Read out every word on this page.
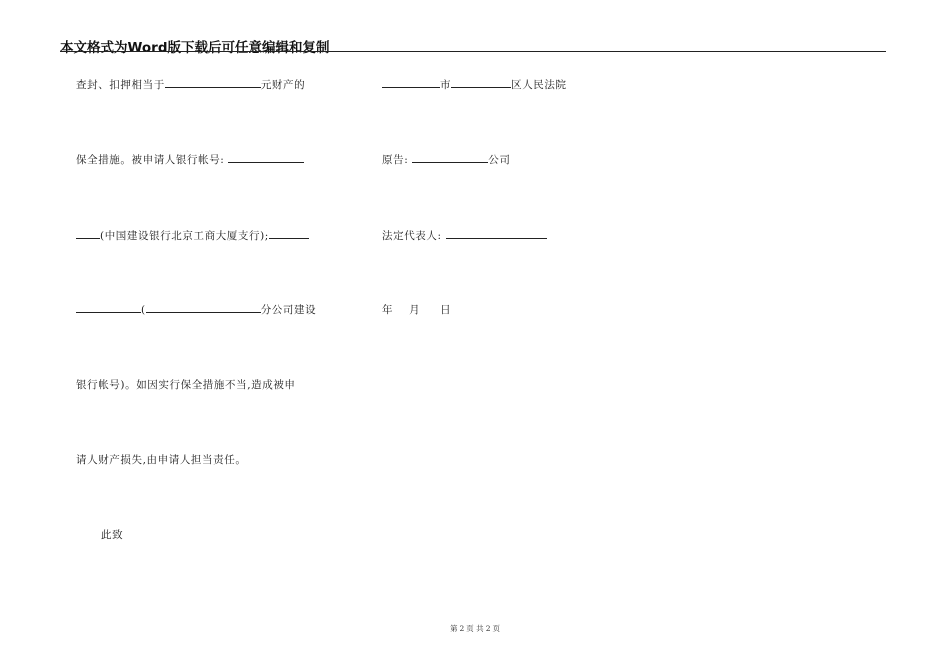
本文格式为Word版下载后可任意编辑和复制
查封、扣押相当于	元财产的
保全措施。被申请人银行帐号:
(中国建设银行北京工商大厦支行);
(	分公司建设
银行帐号)。如因实行保全措施不当,造成被申
请人财产损失,由申请人担当责任。
此致
市	区人民法院
原告:	公司
法定代表人:
年 月 日
第 2 页 共 2 页
